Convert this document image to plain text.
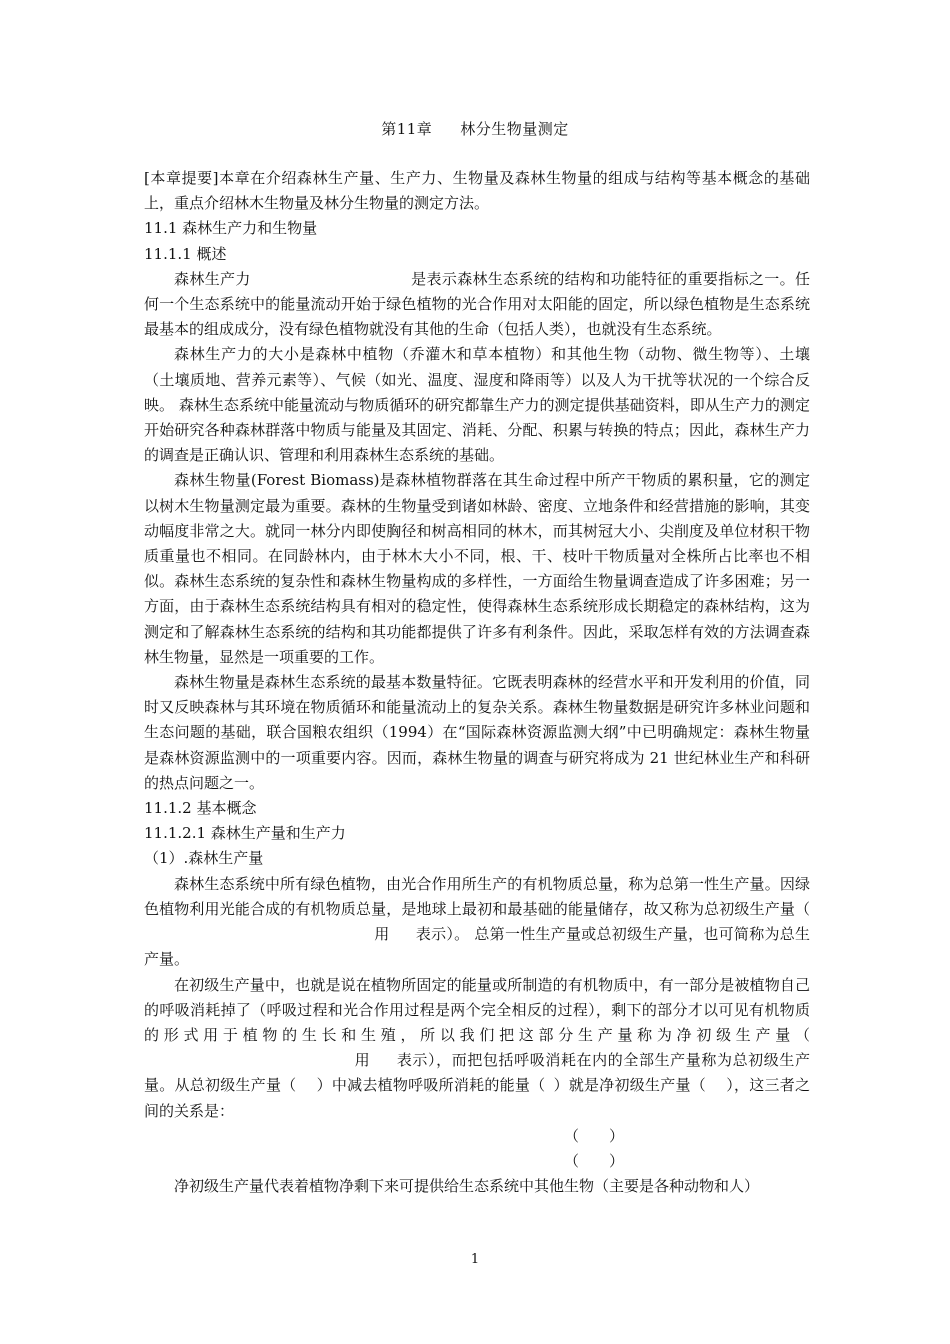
第11章 林分生物量测定

[本章提要]本章在介绍森林生产量、生产力、生物量及森林生物量的组成与结构等基本概念的基础上，重点介绍林木生物量及林分生物量的测定方法。

11.1 森林生产力和生物量

11.1.1 概述

森林生产力	是表示森林生态系统的结构和功能特征的重要指标之一。任何一个生态系统中的能量流动开始于绿色植物的光合作用对太阳能的固定，所以绿色植物是生态系统最基本的组成成分，没有绿色植物就没有其他的生命（包括人类），也就没有生态系统。

森林生产力的大小是森林中植物（乔灌木和草本植物）和其他生物（动物、微生物等）、土壤（土壤质地、营养元素等）、气候（如光、温度、湿度和降雨等）以及人为干扰等状况的一个综合反映。 森林生态系统中能量流动与物质循环的研究都靠生产力的测定提供基础资料，即从生产力的测定开始研究各种森林群落中物质与能量及其固定、消耗、分配、积累与转换的特点；因此，森林生产力的调查是正确认识、管理和利用森林生态系统的基础。

森林生物量(Forest Biomass)是森林植物群落在其生命过程中所产干物质的累积量，它的测定以树木生物量测定最为重要。森林的生物量受到诸如林龄、密度、立地条件和经营措施的影响，其变动幅度非常之大。就同一林分内即使胸径和树高相同的林木，而其树冠大小、尖削度及单位材积干物质重量也不相同。在同龄林内，由于林木大小不同，根、干、枝叶干物质量对全株所占比率也不相似。森林生态系统的复杂性和森林生物量构成的多样性，一方面给生物量调查造成了许多困难；另一方面，由于森林生态系统结构具有相对的稳定性，使得森林生态系统形成长期稳定的森林结构，这为测定和了解森林生态系统的结构和其功能都提供了许多有利条件。因此，采取怎样有效的方法调查森林生物量，显然是一项重要的工作。

森林生物量是森林生态系统的最基本数量特征。它既表明森林的经营水平和开发利用的价值，同时又反映森林与其环境在物质循环和能量流动上的复杂关系。森林生物量数据是研究许多林业问题和生态问题的基础，联合国粮农组织（1994）在“国际森林资源监测大纲”中已明确规定：森林生物量是森林资源监测中的一项重要内容。因而，森林生物量的调查与研究将成为 21 世纪林业生产和科研的热点问题之一。

11.1.2 基本概念

11.1.2.1 森林生产量和生产力

（1）.森林生产量

森林生态系统中所有绿色植物，由光合作用所生产的有机物质总量，称为总第一性生产量。因绿色植物利用光能合成的有机物质总量，是地球上最初和最基础的能量储存，故又称为总初级生产量（用 表示）。 总第一性生产量或总初级生产量，也可简称为总生产量。

在初级生产量中，也就是说在植物所固定的能量或所制造的有机物质中，有一部分是被植物自己的呼吸消耗掉了（呼吸过程和光合作用过程是两个完全相反的过程），剩下的部分才以可见有机物质的形式用于植物的生长和生殖，所以我们把这部分生产量称为净初级生产量（用 表示），而把包括呼吸消耗在内的全部生产量称为总初级生产量。从总初级生产量（ ）中减去植物呼吸所消耗的能量（ ）就是净初级生产量（ ），这三者之间的关系是：

（　　）

（　　）

净初级生产量代表着植物净剩下来可提供给生态系统中其他生物（主要是各种动物和人）

1
